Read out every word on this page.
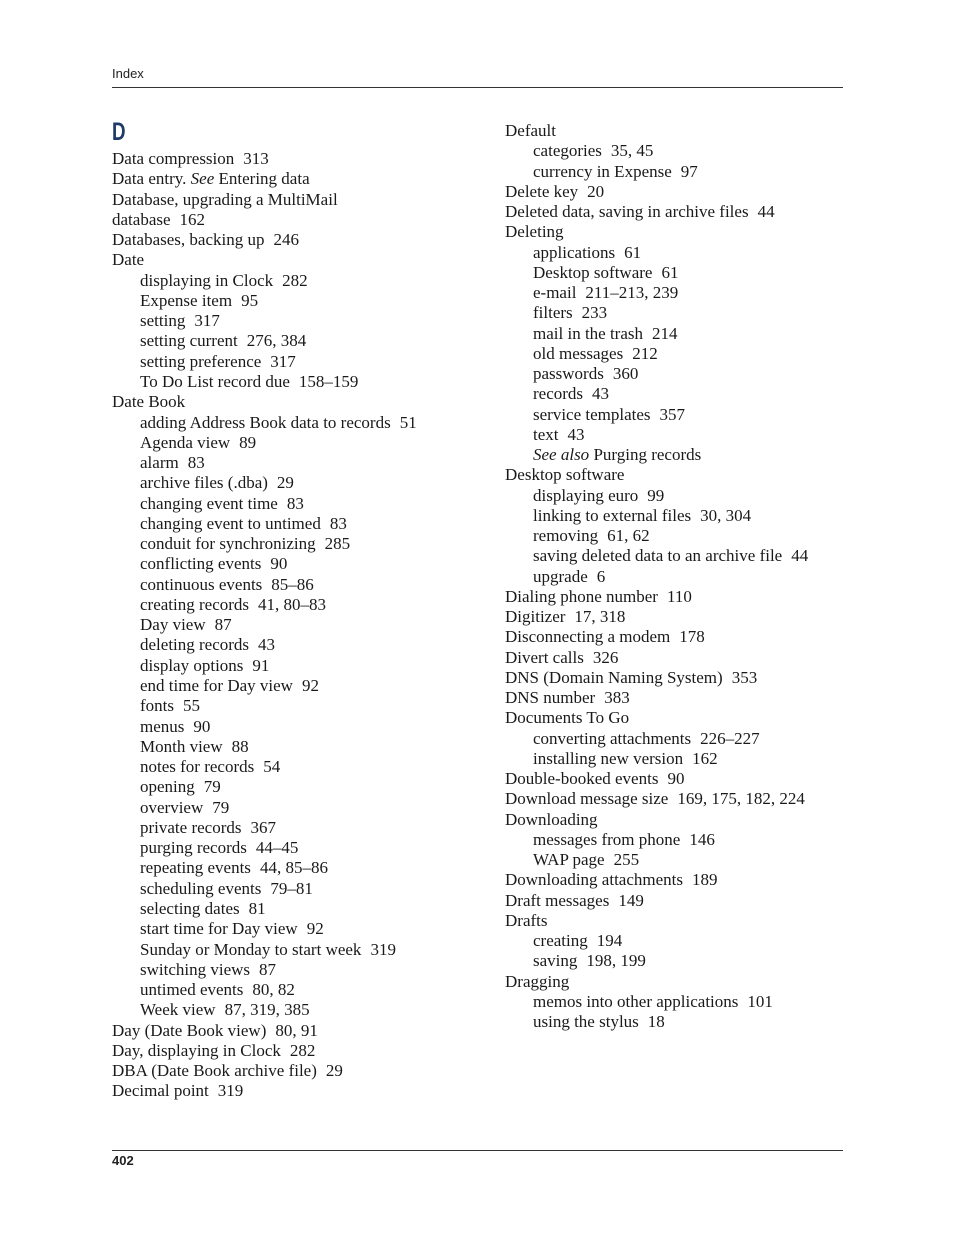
Index
D
Data compression 313
Data entry. See Entering data
Database, upgrading a MultiMail
database 162
Databases, backing up 246
Date
displaying in Clock 282
Expense item 95
setting 317
setting current 276, 384
setting preference 317
To Do List record due 158–159
Date Book
adding Address Book data to records 51
Agenda view 89
alarm 83
archive files (.dba) 29
changing event time 83
changing event to untimed 83
conduit for synchronizing 285
conflicting events 90
continuous events 85–86
creating records 41, 80–83
Day view 87
deleting records 43
display options 91
end time for Day view 92
fonts 55
menus 90
Month view 88
notes for records 54
opening 79
overview 79
private records 367
purging records 44–45
repeating events 44, 85–86
scheduling events 79–81
selecting dates 81
start time for Day view 92
Sunday or Monday to start week 319
switching views 87
untimed events 80, 82
Week view 87, 319, 385
Day (Date Book view) 80, 91
Day, displaying in Clock 282
DBA (Date Book archive file) 29
Decimal point 319
Default
categories 35, 45
currency in Expense 97
Delete key 20
Deleted data, saving in archive files 44
Deleting
applications 61
Desktop software 61
e-mail 211–213, 239
filters 233
mail in the trash 214
old messages 212
passwords 360
records 43
service templates 357
text 43
See also Purging records
Desktop software
displaying euro 99
linking to external files 30, 304
removing 61, 62
saving deleted data to an archive file 44
upgrade 6
Dialing phone number 110
Digitizer 17, 318
Disconnecting a modem 178
Divert calls 326
DNS (Domain Naming System) 353
DNS number 383
Documents To Go
converting attachments 226–227
installing new version 162
Double-booked events 90
Download message size 169, 175, 182, 224
Downloading
messages from phone 146
WAP page 255
Downloading attachments 189
Draft messages 149
Drafts
creating 194
saving 198, 199
Dragging
memos into other applications 101
using the stylus 18
402
